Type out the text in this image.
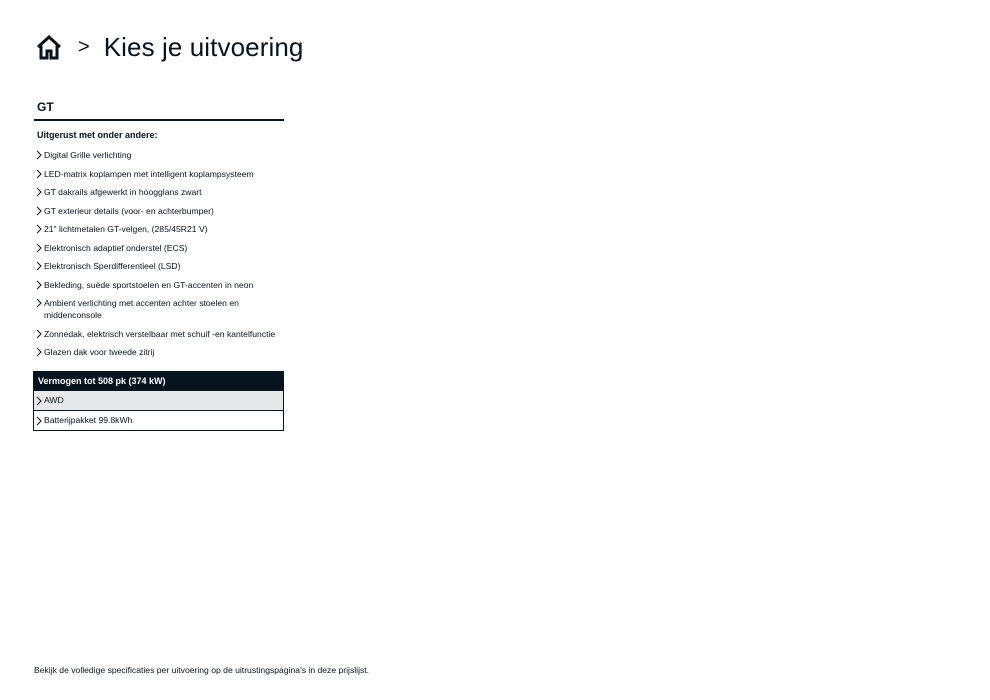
> Kies je uitvoering
GT
Uitgerust met onder andere:
Digital Grille verlichting
LED-matrix koplampen met intelligent koplampsysteem
GT dakrails afgewerkt in hoogglans zwart
GT exterieur details (voor- en achterbumper)
21" lichtmetalen GT-velgen, (285/45R21 V)
Elektronisch adaptief onderstel (ECS)
Elektronisch Sperdifferentieel (LSD)
Bekleding, suède sportstoelen en GT-accenten in neon
Ambient verlichting met accenten achter stoelen en middenconsole
Zonnedak, elektrisch verstelbaar met schuif -en kantelfunctie
Glazen dak voor tweede zitrij
Vermogen tot 508 pk (374 kW)
AWD
Batterijpakket 99.8kWh
Bekijk de volledige specificaties per uitvoering op de uitrustingspagina's in deze prijslijst.
